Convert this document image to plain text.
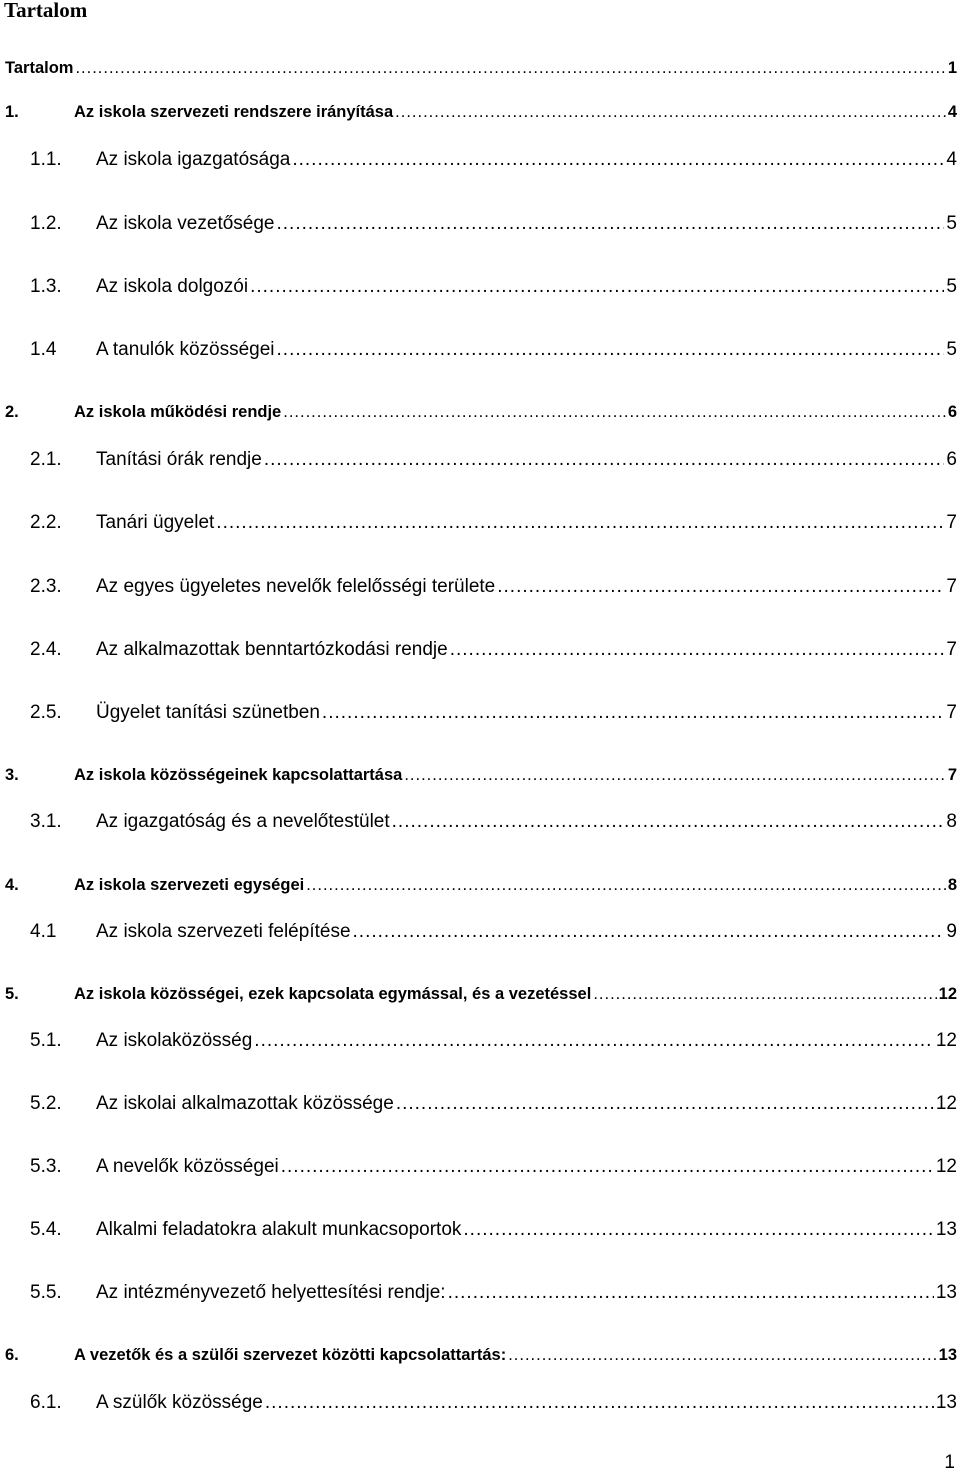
Tartalom
Tartalom .....	1
1.	Az iskola szervezeti rendszere irányítása .....	4
1.1.	Az iskola igazgatósága .....	4
1.2.	Az iskola vezetősége .....	5
1.3.	Az iskola dolgozói .....	5
1.4	A tanulók közösségei .....	5
2.	Az iskola működési rendje .....	6
2.1.	Tanítási órák rendje .....	6
2.2.	Tanári ügyelet .....	7
2.3.	Az egyes ügyeletes nevelők felelősségi területe .....	7
2.4.	Az alkalmazottak benntartózkodási rendje .....	7
2.5.	Ügyelet tanítási szünetben .....	7
3.	Az iskola közösségeinek kapcsolattartása .....	7
3.1.	Az igazgatóság és a nevelőtestület .....	8
4.	Az iskola szervezeti egységei .....	8
4.1	Az iskola szervezeti felépítése .....	9
5.	Az iskola közösségei, ezek kapcsolata egymással, és a vezetéssel .....	12
5.1.	Az iskolaközösség .....	12
5.2.	Az iskolai alkalmazottak közössége .....	12
5.3.	A nevelők közösségei .....	12
5.4.	Alkalmi feladatokra alakult munkacsoportok .....	13
5.5.	Az intézményvezető helyettesítési rendje: .....	13
6.	A vezetők és a szülői szervezet közötti kapcsolattartás: .....	13
6.1.	A szülők közössége .....	13
1
